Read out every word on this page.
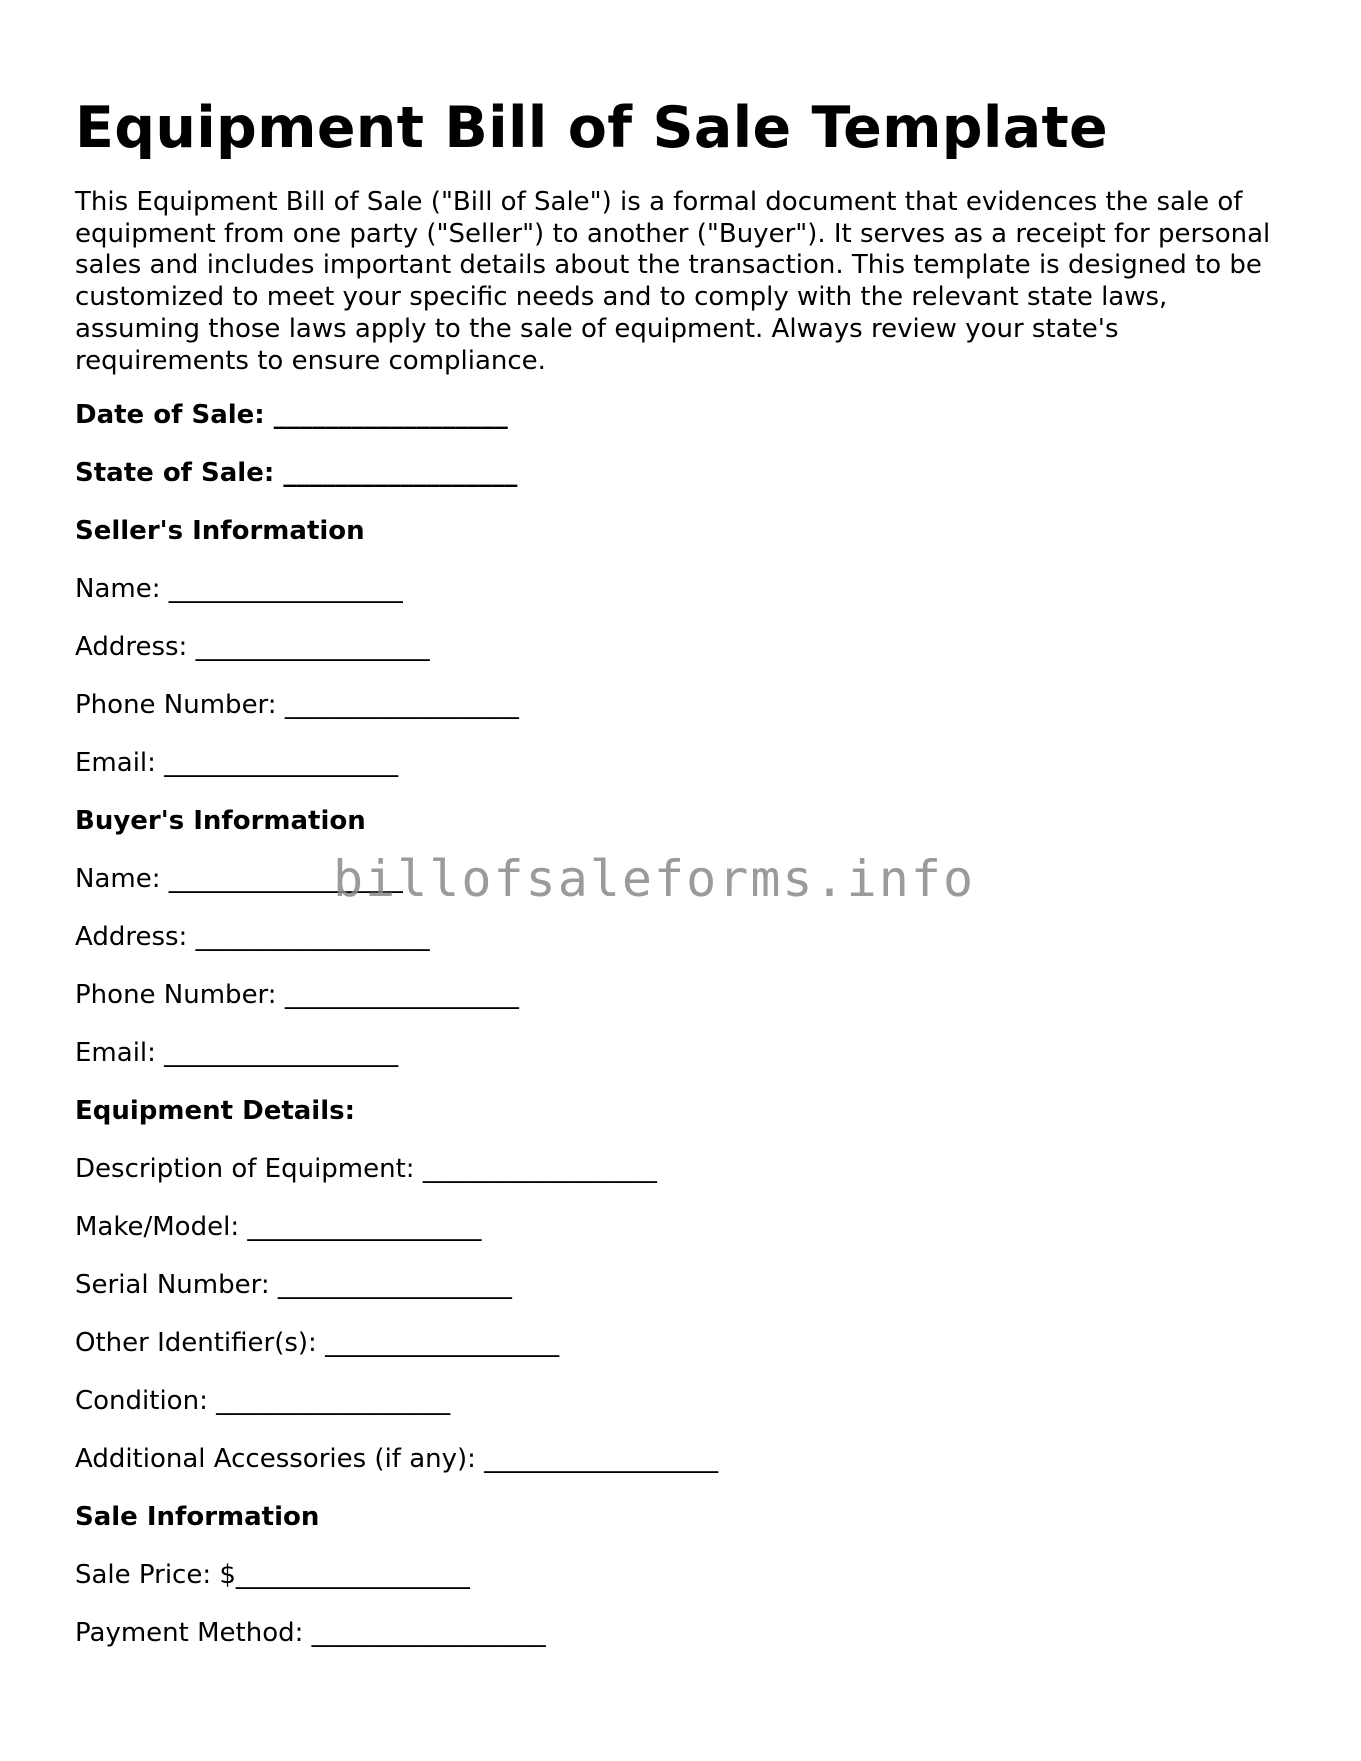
Equipment Bill of Sale Template

This Equipment Bill of Sale ("Bill of Sale") is a formal document that evidences the sale of equipment from one party ("Seller") to another ("Buyer"). It serves as a receipt for personal sales and includes important details about the transaction. This template is designed to be customized to meet your specific needs and to comply with the relevant state laws, assuming those laws apply to the sale of equipment. Always review your state's requirements to ensure compliance.

Date of Sale: __________________
State of Sale: __________________
Seller's Information
Name: __________________
Address: __________________
Phone Number: __________________
Email: __________________
Buyer's Information
Name: __________________
Address: __________________
Phone Number: __________________
Email: __________________
Equipment Details:
Description of Equipment: __________________
Make/Model: __________________
Serial Number: __________________
Other Identifier(s): __________________
Condition: __________________
Additional Accessories (if any): __________________
Sale Information
Sale Price: $__________________
Payment Method: __________________
billofsaleforms.info
